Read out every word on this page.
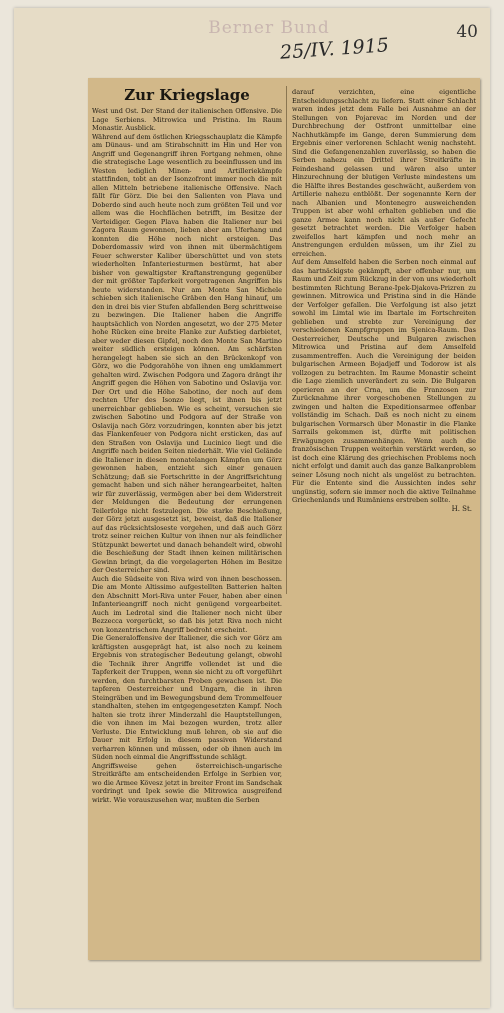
Berner Bund	40
25/IV. 1915
Zur Kriegslage

West und Ost. Der Stand der italienischen Offensive. Die Lage Serbiens. Mitrowica und Pristina. Im Raum Monastir. Ausblick.
Während auf dem östlichen Kriegsschauplatz die Kämpfe am Dünaus- und am Stirabschnitt im Hin und Her von Angriff und Gegenangriff ihren Fortgang nehmen, ohne die strategische Lage wesentlich zu beeinflussen und im Westen lediglich Minen- und Artilleriekämpfe stattfinden, tobt an der Isonzofront immer noch die mit allen Mitteln betriebene italienische Offensive. Nach fällt für Görz. Die bei den Salienten von Plava und Doberdo sind auch heute noch zum größten Teil und vor allem was die Hochflächen betrifft, im Besitze der Verteidiger. Gegen Plava haben die Italiener nur bei Zagora Raum gewonnen, lieben aber am Uferhang und konnten die Höhe noch nicht ersteigen. Das Doberdomassiv wird von ihnen mit übermächtigem Feuer schwerster Kaliber überschüttet und von stets wiederholten Infanteriesturmen bestürmt, hat aber bisher von gewaltigster Kraftanstrengung gegenüber der mit größter Tapferkeit vorgetragenen Angriffen bis heute widerstanden. Nur am Monte San Michele schieben sich italienische Gräben den Hang hinauf, um den in drei bis vier Stufen abfallenden Berg schrittweise zu bezwingen. Die Italiener haben die Angriffe hauptsächlich von Norden angesetzt, wo der 275 Meter hohe Rücken eine breite Flanke zur Aufstieg darbietet, aber weder diesen Gipfel, noch den Monte San Martino weiter südlich ersteigen können. Am schärfsten herangelegt haben sie sich an den Brückenkopf von Görz, wo die Podgorahöhe von ihnen eng umklammert gehalten wird. Zwischen Podgora und Zagora drängt ihr Angriff gegen die Höhen von Sabotino und Oslavija vor. Der Ort und die Höhe Sabotino, der noch auf dem rechten Ufer des Isonzo liegt, ist ihnen bis jetzt unerreichbar geblieben. Wie es scheint, versuchen sie zwischen Sabotino und Podgora auf der Straße von Oslavija nach Görz vorzudringen, konnten aber bis jetzt das Flankenfeuer von Podgora nicht ersticken, das auf den Straßen von Oslavija und Lucinico liegt und die Angriffe nach beiden Seiten niederhält. Wie viel Gelände die Italiener in diesen monatelangen Kämpfen um Görz gewonnen haben, entzieht sich einer genauen Schätzung; daß sie Fortschritte in der Angriffsrichtung gemacht haben und sich näher herangearbeitet, halten wir für zuverlässig, vermögen aber bei dem Widerstreit der Meldungen die Bedeutung der errungenen Teilerfolge nicht festzulegen. Die starke Beschießung, der Görz jetzt ausgesetzt ist, beweist, daß die Italiener auf das rücksichtsloseste vorgehen, und daß auch Görz trotz seiner reichen Kultur von ihnen nur als feindlicher Stützpunkt bewertet und danach behandelt wird, obwohl die Beschießung der Stadt ihnen keinen militärischen Gewinn bringt, da die vorgelagerten Höhen im Besitze der Oesterreicher sind.
Auch die Südseite von Riva wird von ihnen beschossen. Die am Monte Altissimo aufgestellten Batterien halten den Abschnitt Mori-Riva unter Feuer, haben aber einen Infanterieangriff noch nicht genügend vorgearbeitet. Auch im Ledrotal sind die Italiener noch nicht über Bezzecca vorgerückt, so daß bis jetzt Riva noch nicht von konzentrischem Angriff bedroht erscheint.
Die Generaloffensive der Italiener, die sich vor Görz am kräftigsten ausgeprägt hat, ist also noch zu keinem Ergebnis von strategischer Bedeutung gelangt, obwohl die Technik ihrer Angriffe vollendet ist und die Tapferkeit der Truppen, wenn sie nicht zu oft vorgeführt werden, den furchtbarsten Proben gewachsen ist. Die tapferen Oesterreicher und Ungarn, die in ihren Steingräben und im Bewegungsbund dem Trommelfeuer standhalten, stehen im entgegengesetzten Kampf. Noch halten sie trotz ihrer Minderzahl die Hauptstellungen, die von ihnen im Mai bezogen wurden, trotz aller Verluste. Die Entwicklung muß lehren, ob sie auf die Dauer mit Erfolg in diesem passiven Widerstand verharren können und müssen, oder ob ihnen auch im Süden noch einmal die Angriffsstunde schlägt.
Angriffsweise gehen österreichisch-ungarische Streitkräfte am entscheidenden Erfolge in Serbien vor, wo die Armee Kövesz jetzt in breiter Front im Sandschak vordringt und Ipek sowie die Mitrowica ausgreifend wirkt. Wie vorauszusehen war, mußten die Serben

darauf verzichten, eine eigentliche Entscheidungsschlacht zu liefern. Statt einer Schlacht waren indes jetzt dem Falle bei Ausnahme an der Stellungen von Pojarevac im Norden und der Durchbrechung der Ostfront unmittelbar eine Nachhutkämpfe im Gange, deren Summierung dem Ergebnis einer verlorenen Schlacht wenig nachsteht. Sind die Gefangenenzahlen zuverlässig, so haben die Serben nahezu ein Drittel ihrer Streitkräfte in Feindeshand gelassen und wären also unter Hinzurechnung der blutigen Verluste mindestens um die Hälfte ihres Bestandes geschwächt, außerdem von Artillerie nahezu entblößt. Der sogenannte Kern der nach Albanien und Montenegro ausweichenden Truppen ist aber wohl erhalten geblieben und die ganze Armee kann noch nicht als außer Gefecht gesetzt betrachtet werden. Die Verfolger haben zweifellos hart kämpfen und noch mehr an Anstrengungen erdulden müssen, um ihr Ziel zu erreichen.
Auf dem Amselfeld haben die Serben noch einmal auf das hartnäckigste gekämpft, aber offenbar nur, um Raum und Zeit zum Rückzug in der von uns wiederholt bestimmten Richtung Berane-Ipek-Djakova-Prizren zu gewinnen. Mitrowica und Pristina sind in die Hände der Verfolger gefallen. Die Verfolgung ist also jetzt sowohl im Limtal wie im Ibartale im Fortschreiten geblieben und strebte zur Vereinigung der verschiedenen Kampfgruppen im Sjenica-Raum. Das Oesterreicher, Deutsche und Bulgaren zwischen Mitrowica und Pristina auf dem Amselfeld zusammentreffen. Auch die Vereinigung der beiden bulgarischen Armeen Bojadjeff und Todorow ist als vollzogen zu betrachten. Im Raume Monastir scheint die Lage ziemlich unverändert zu sein. Die Bulgaren operieren an der Crna, um die Franzosen zur Zurücknahme ihrer vorgeschobenen Stellungen zu zwingen und halten die Expeditionsarmee offenbar vollständig im Schach. Daß es noch nicht zu einem bulgarischen Vormarsch über Monastir in die Flanke Sarrails gekommen ist, dürfte mit politischen Erwägungen zusammenhängen. Wenn auch die französischen Truppen weiterhin verstärkt werden, so ist doch eine Klärung des griechischen Problems noch nicht erfolgt und damit auch das ganze Balkanproblem seiner Lösung noch nicht als ungelöst zu betrachten. Für die Entente sind die Aussichten indes sehr ungünstig, sofern sie immer noch die aktive Teilnahme Griechenlands und Rumäniens erstreben sollte.

H. St.
